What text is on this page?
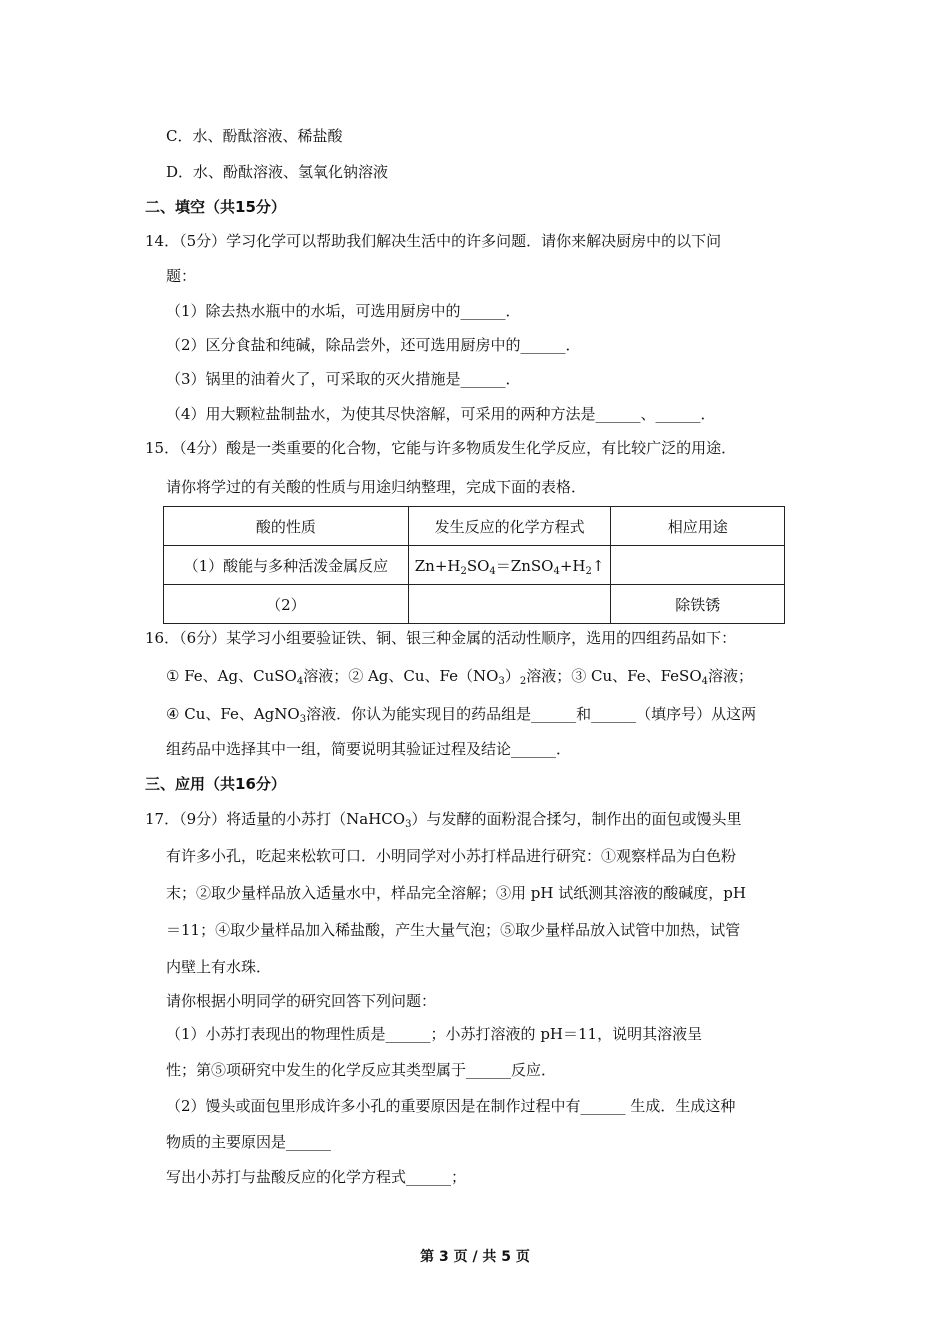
C．水、酚酞溶液、稀盐酸
D．水、酚酞溶液、氢氧化钠溶液
二、填空（共15分）
14．（5分）学习化学可以帮助我们解决生活中的许多问题．请你来解决厨房中的以下问
题：
（1）除去热水瓶中的水垢，可选用厨房中的______．
（2）区分食盐和纯碱，除品尝外，还可选用厨房中的______．
（3）锅里的油着火了，可采取的灭火措施是______．
（4）用大颗粒盐制盐水，为使其尽快溶解，可采用的两种方法是______、______．
15．（4分）酸是一类重要的化合物，它能与许多物质发生化学反应，有比较广泛的用途．
请你将学过的有关酸的性质与用途归纳整理，完成下面的表格．
酸的性质	发生反应的化学方程式	相应用途
（1）酸能与多种活泼金属反应	$Zn+H_2SO_4=ZnSO_4+H_2↑$	
（2）		除铁锈
16．（6分）某学习小组要验证铁、铜、银三种金属的活动性顺序，选用的四组药品如下：
① Fe、Ag、CuSO$_4$溶液；② Ag、Cu、$Fe(NO_3)_2$溶液；③ Cu、Fe、FeSO$_4$溶液；
④ Cu、Fe、AgNO$_3$溶液．你认为能实现目的药品组是______和______（填序号）从这两
组药品中选择其中一组，简要说明其验证过程及结论______．
三、应用（共16分）
17．（9分）将适量的小苏打（NaHCO$_3$）与发酵的面粉混合揉匀，制作出的面包或馒头里
有许多小孔，吃起来松软可口．小明同学对小苏打样品进行研究：①观察样品为白色粉
末；②取少量样品放入适量水中，样品完全溶解；③用 pH 试纸测其溶液的酸碱度，pH
＝11；④取少量样品加入稀盐酸，产生大量气泡；⑤取少量样品放入试管中加热，试管
内壁上有水珠．
请你根据小明同学的研究回答下列问题：
（1）小苏打表现出的物理性质是______；小苏打溶液的 pH＝11，说明其溶液呈
性；第⑤项研究中发生的化学反应其类型属于______反应．
（2）馒头或面包里形成许多小孔的重要原因是在制作过程中有______ 生成．生成这种
物质的主要原因是______
写出小苏打与盐酸反应的化学方程式______；
第 3 页 / 共 5 页
